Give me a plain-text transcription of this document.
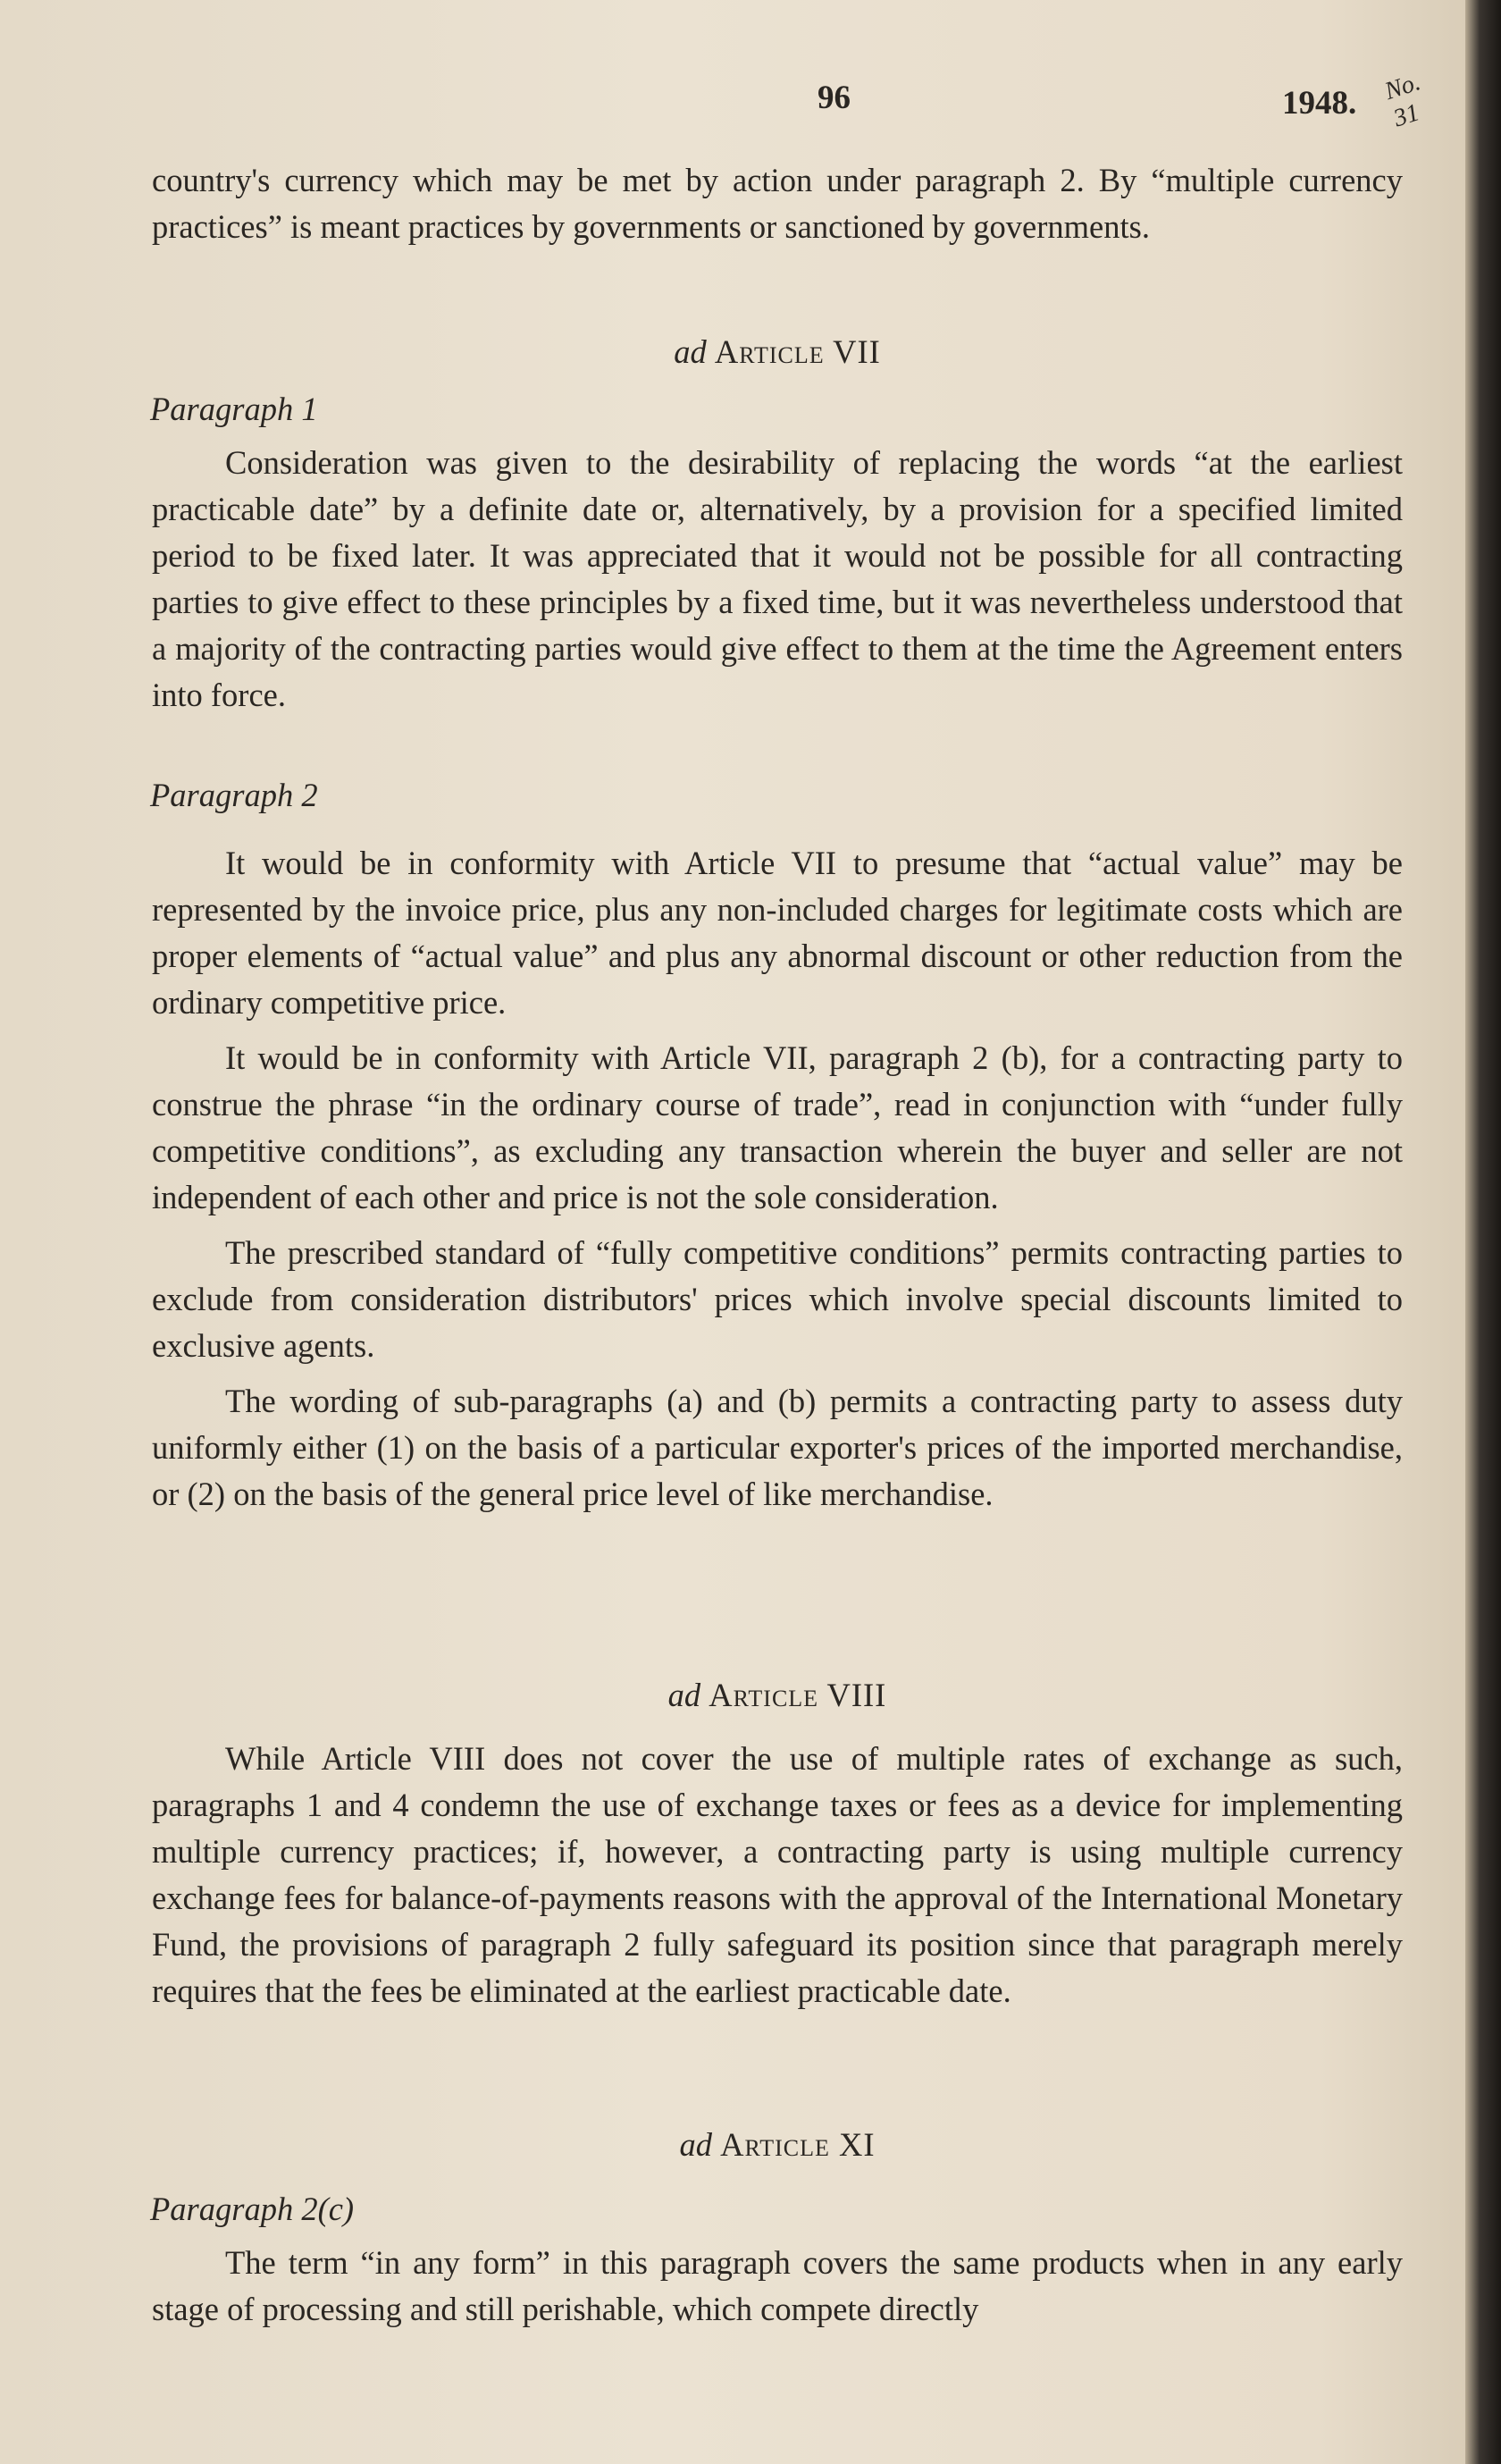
96	1948. No. 31

country's currency which may be met by action under paragraph 2. By “multiple currency practices” is meant practices by governments or sanctioned by governments.

ad Article VII
Paragraph 1

Consideration was given to the desirability of replacing the words “at the earliest practicable date” by a definite date or, alternatively, by a provision for a specified limited period to be fixed later. It was appreciated that it would not be possible for all contracting parties to give effect to these principles by a fixed time, but it was nevertheless understood that a majority of the contracting parties would give effect to them at the time the Agreement enters into force.

Paragraph 2

It would be in conformity with Article VII to presume that “actual value” may be represented by the invoice price, plus any non-included charges for legitimate costs which are proper elements of “actual value” and plus any abnormal discount or other reduction from the ordinary competitive price.

It would be in conformity with Article VII, paragraph 2 (b), for a contracting party to construe the phrase “in the ordinary course of trade”, read in conjunction with “under fully competitive conditions”, as excluding any transaction wherein the buyer and seller are not independent of each other and price is not the sole consideration.

The prescribed standard of “fully competitive conditions” permits contracting parties to exclude from consideration distributors' prices which involve special discounts limited to exclusive agents.

The wording of sub-paragraphs (a) and (b) permits a contracting party to assess duty uniformly either (1) on the basis of a particular exporter's prices of the imported merchandise, or (2) on the basis of the general price level of like merchandise.

ad Article VIII

While Article VIII does not cover the use of multiple rates of exchange as such, paragraphs 1 and 4 condemn the use of exchange taxes or fees as a device for implementing multiple currency practices; if, however, a contracting party is using multiple currency exchange fees for balance-of-payments reasons with the approval of the International Monetary Fund, the provisions of paragraph 2 fully safeguard its position since that paragraph merely requires that the fees be eliminated at the earliest practicable date.

ad Article XI
Paragraph 2(c)

The term “in any form” in this paragraph covers the same products when in any early stage of processing and still perishable, which compete directly
